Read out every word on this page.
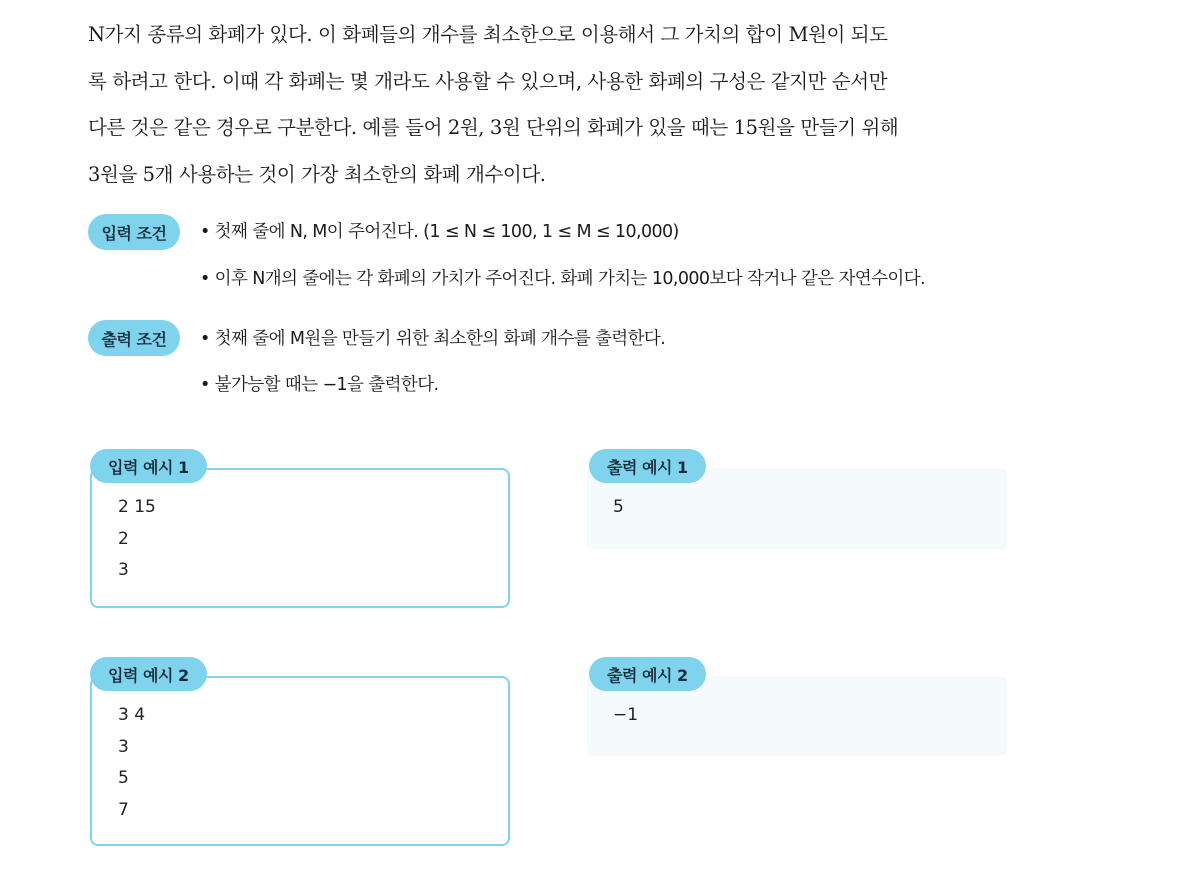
N가지 종류의 화폐가 있다. 이 화폐들의 개수를 최소한으로 이용해서 그 가치의 합이 M원이 되도

록 하려고 한다. 이때 각 화폐는 몇 개라도 사용할 수 있으며, 사용한 화폐의 구성은 같지만 순서만

다른 것은 같은 경우로 구분한다. 예를 들어 2원, 3원 단위의 화폐가 있을 때는 15원을 만들기 위해

3원을 5개 사용하는 것이 가장 최소한의 화폐 개수이다.

입력 조건	• 첫째 줄에 N, M이 주어진다. (1 ≤ N ≤ 100, 1 ≤ M ≤ 10,000)
• 이후 N개의 줄에는 각 화폐의 가치가 주어진다. 화폐 가치는 10,000보다 작거나 같은 자연수이다.
출력 조건	• 첫째 줄에 M원을 만들기 위한 최소한의 화폐 개수를 출력한다.
• 불가능할 때는 −1을 출력한다.
2 15
2
3
입력 예시 1
5
출력 예시 1
3 4
3
5
7
입력 예시 2
−1
출력 예시 2
